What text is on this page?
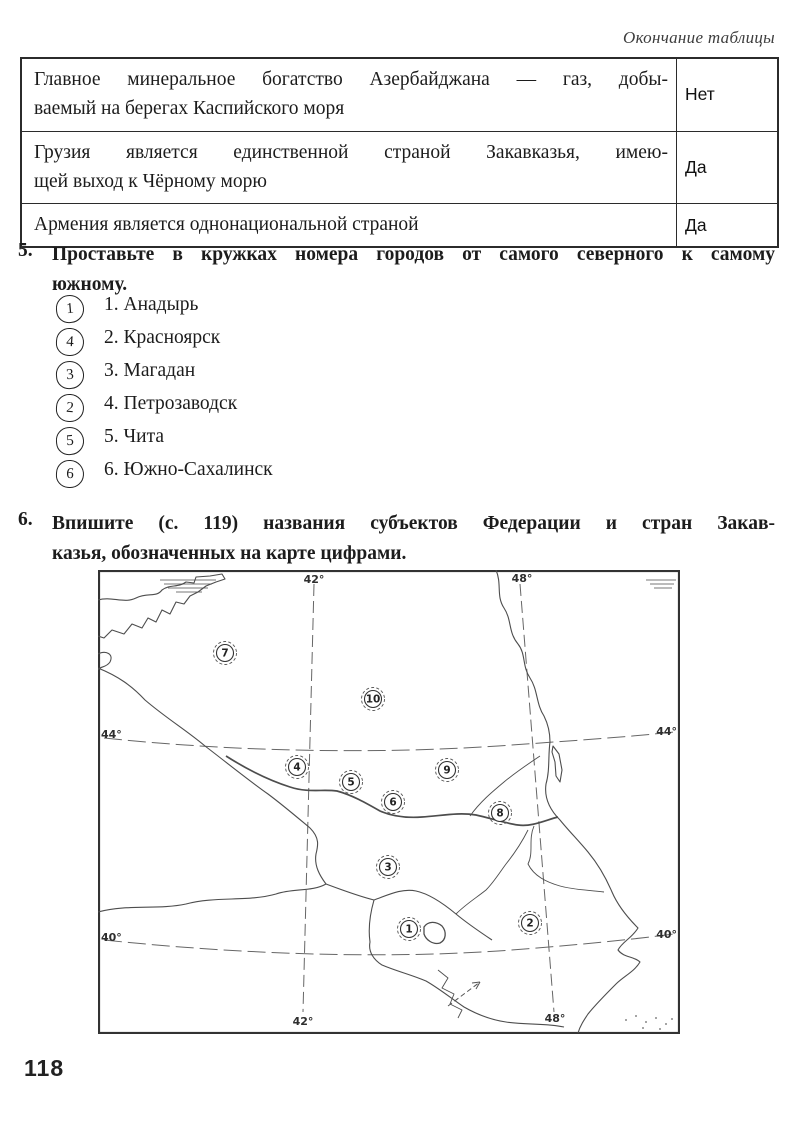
Окончание таблицы
Главное минеральное богатство Азербайджана — газ, добы-
ваемый на берегах Каспийского моря
Нет
Грузия является единственной страной Закавказья, имею-
щей выход к Чёрному морю
Да
Армения является однонациональной страной	Да
5. Проставьте в кружках номера городов от самого северного к самому
южному.
1	1. Анадырь
4	2. Красноярск
3	3. Магадан
2	4. Петрозаводск
5	5. Чита
6	6. Южно-Сахалинск
6. Впишите (с. 119) названия субъектов Федерации и стран Закав-
казья, обозначенных на карте цифрами.
42°	48°
44°	44°
40°	40°
42°	48°
1	2
3
4
5
6
7
8
9
10
118
